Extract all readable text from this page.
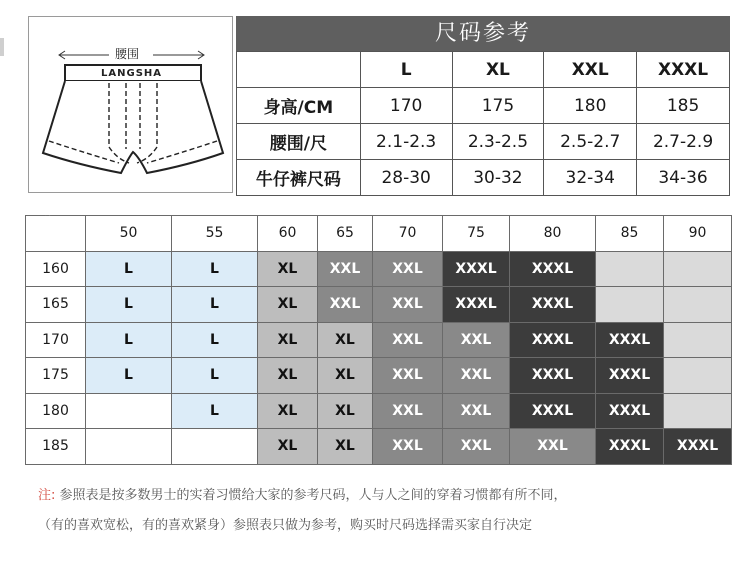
腰围
LANGSHA
尺码参考
	L	XL	XXL	XXXL
身高/CM	170	175	180	185
腰围/尺	2.1-2.3	2.3-2.5	2.5-2.7	2.7-2.9
牛仔裤尺码	28-30	30-32	32-34	34-36
体重/kg
身高/CM	50	55	60	65	70	75	80	85	90
160	L	L	XL	XXL	XXL	XXXL	XXXL		
165	L	L	XL	XXL	XXL	XXXL	XXXL		
170	L	L	XL	XL	XXL	XXL	XXXL	XXXL	
175	L	L	XL	XL	XXL	XXL	XXXL	XXXL	
180		L	XL	XL	XXL	XXL	XXXL	XXXL	
185			XL	XL	XXL	XXL	XXL	XXXL	XXXL
注: 参照表是按多数男士的实着习惯给大家的参考尺码，人与人之间的穿着习惯都有所不同，
（有的喜欢宽松，有的喜欢紧身）参照表只做为参考，购买时尺码选择需买家自行决定
